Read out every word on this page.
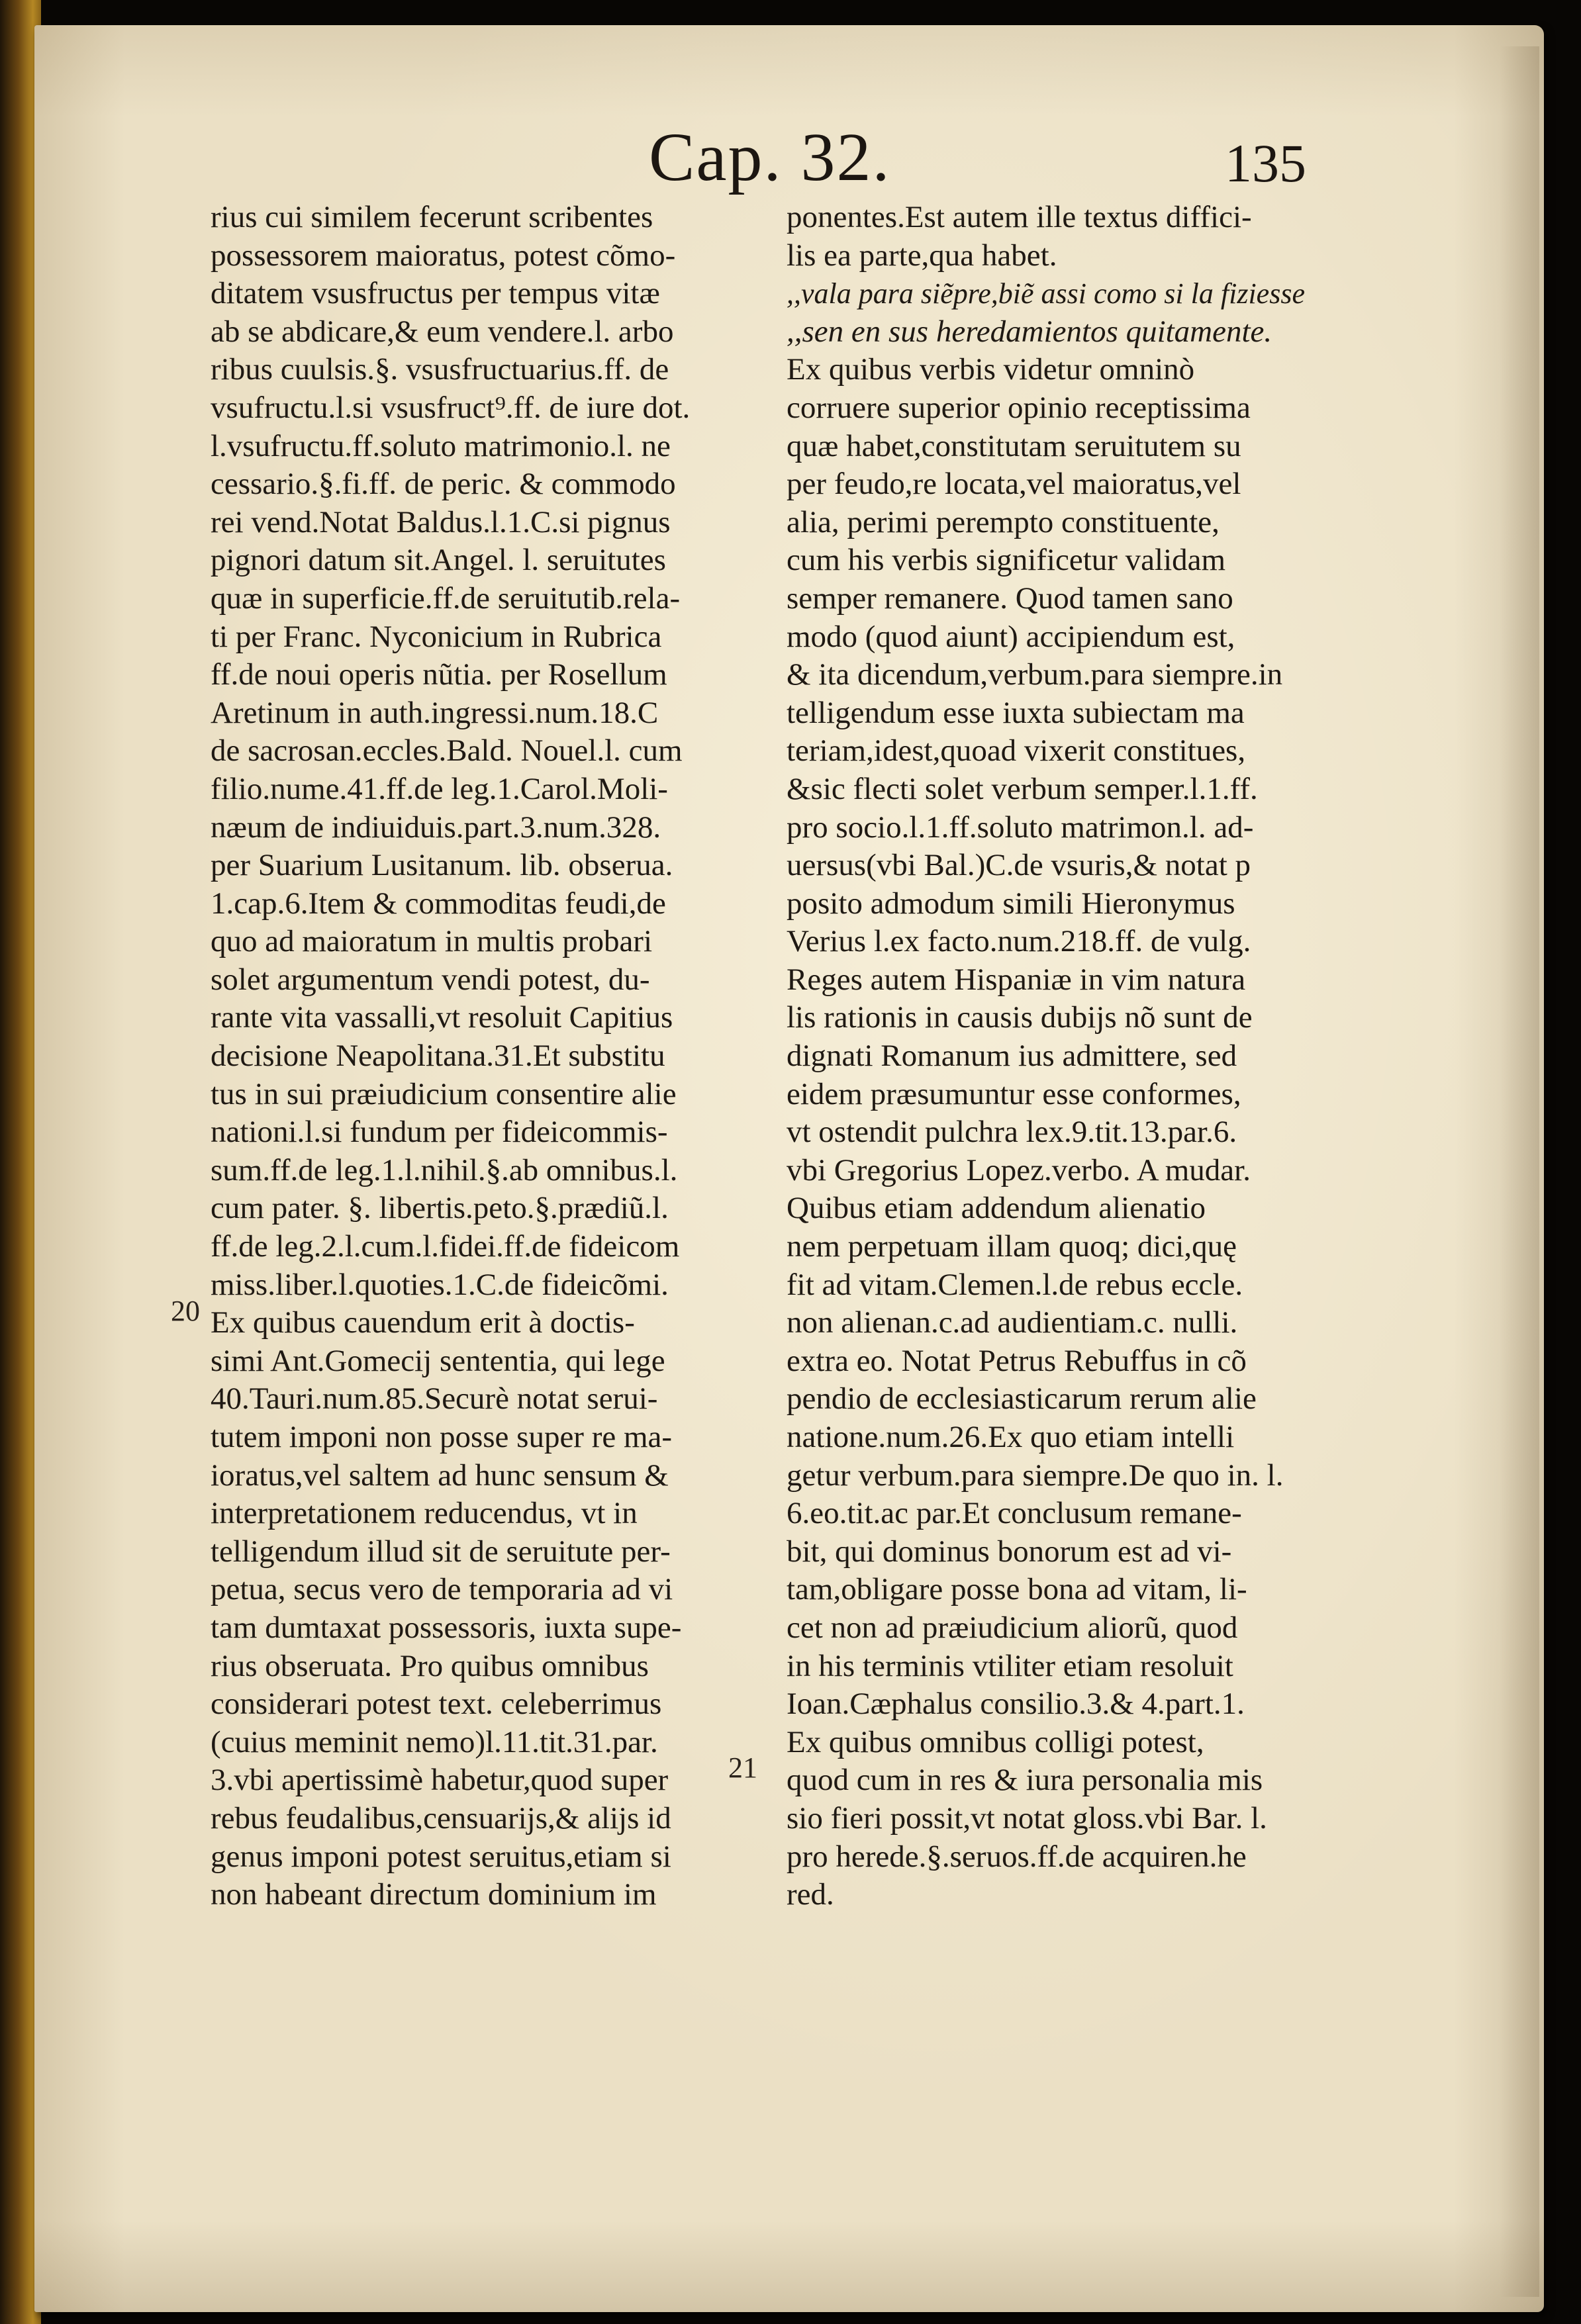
Cap. 32.	135
rius cui similem fecerunt scribentes
possessorem maioratus, potest cõmo-
ditatem vsusfructus per tempus vitæ
ab se abdicare,& eum vendere.l. arbo
ribus cuulsis.§. vsusfructuarius.ff. de
vsufructu.l.si vsusfruct⁹.ff. de iure dot.
l.vsufructu.ff.soluto matrimonio.l. ne
cessario.§.fi.ff. de peric. & commodo
rei vend.Notat Baldus.l.1.C.si pignus
pignori datum sit.Angel. l. seruitutes
quæ in superficie.ff.de seruitutib.rela-
ti per Franc. Nyconicium in Rubrica
ff.de noui operis nũtia. per Rosellum
Aretinum in auth.ingressi.num.18.C
de sacrosan.eccles.Bald. Nouel.l. cum
filio.nume.41.ff.de leg.1.Carol.Moli-
næum de indiuiduis.part.3.num.328.
per Suarium Lusitanum. lib. obserua.
1.cap.6.Item & commoditas feudi,de
quo ad maioratum in multis probari
solet argumentum vendi potest, du-
rante vita vassalli,vt resoluit Capitius
decisione Neapolitana.31.Et substitu
tus in sui præiudicium consentire alie
nationi.l.si fundum per fideicommis-
sum.ff.de leg.1.l.nihil.§.ab omnibus.l.
cum pater. §. libertis.peto.§.prædiũ.l.
ff.de leg.2.l.cum.l.fidei.ff.de fideicom
miss.liber.l.quoties.1.C.de fideicõmi.
Ex quibus cauendum erit à doctis-
simi Ant.Gomecij sententia, qui lege
40.Tauri.num.85.Securè notat serui-
tutem imponi non posse super re ma-
ioratus,vel saltem ad hunc sensum &
interpretationem reducendus, vt in
telligendum illud sit de seruitute per-
petua, secus vero de temporaria ad vi
tam dumtaxat possessoris, iuxta supe-
rius obseruata. Pro quibus omnibus
considerari potest text. celeberrimus
(cuius meminit nemo)l.11.tit.31.par.
3.vbi apertissimè habetur,quod super
rebus feudalibus,censuarijs,& alijs id
genus imponi potest seruitus,etiam si
non habeant directum dominium im
ponentes.Est autem ille textus diffici-
lis ea parte,qua habet.
,,vala para siẽpre,biẽ assi como si la fiziesse
,,sen en sus heredamientos quitamente.
Ex quibus verbis videtur omninò
corruere superior opinio receptissima
quæ habet,constitutam seruitutem su
per feudo,re locata,vel maioratus,vel
alia, perimi perempto constituente,
cum his verbis significetur validam
semper remanere. Quod tamen sano
modo (quod aiunt) accipiendum est,
& ita dicendum,verbum.para siempre.in
telligendum esse iuxta subiectam ma
teriam,idest,quoad vixerit constitues,
&sic flecti solet verbum semper.l.1.ff.
pro socio.l.1.ff.soluto matrimon.l. ad-
uersus(vbi Bal.)C.de vsuris,& notat p
posito admodum simili Hieronymus
Verius l.ex facto.num.218.ff. de vulg.
Reges autem Hispaniæ in vim natura
lis rationis in causis dubijs nõ sunt de
dignati Romanum ius admittere, sed
eidem præsumuntur esse conformes,
vt ostendit pulchra lex.9.tit.13.par.6.
vbi Gregorius Lopez.verbo. A mudar.
Quibus etiam addendum alienatio
nem perpetuam illam quoq; dici,quę
fit ad vitam.Clemen.l.de rebus eccle.
non alienan.c.ad audientiam.c. nulli.
extra eo. Notat Petrus Rebuffus in cõ
pendio de ecclesiasticarum rerum alie
natione.num.26.Ex quo etiam intelli
getur verbum.para siempre.De quo in. l.
6.eo.tit.ac par.Et conclusum remane-
bit, qui dominus bonorum est ad vi-
tam,obligare posse bona ad vitam, li-
cet non ad præiudicium aliorũ, quod
in his terminis vtiliter etiam resoluit
Ioan.Cæphalus consilio.3.& 4.part.1.
Ex quibus omnibus colligi potest,
quod cum in res & iura personalia mis
sio fieri possit,vt notat gloss.vbi Bar. l.
pro herede.§.seruos.ff.de acquiren.he
red.
20
21
